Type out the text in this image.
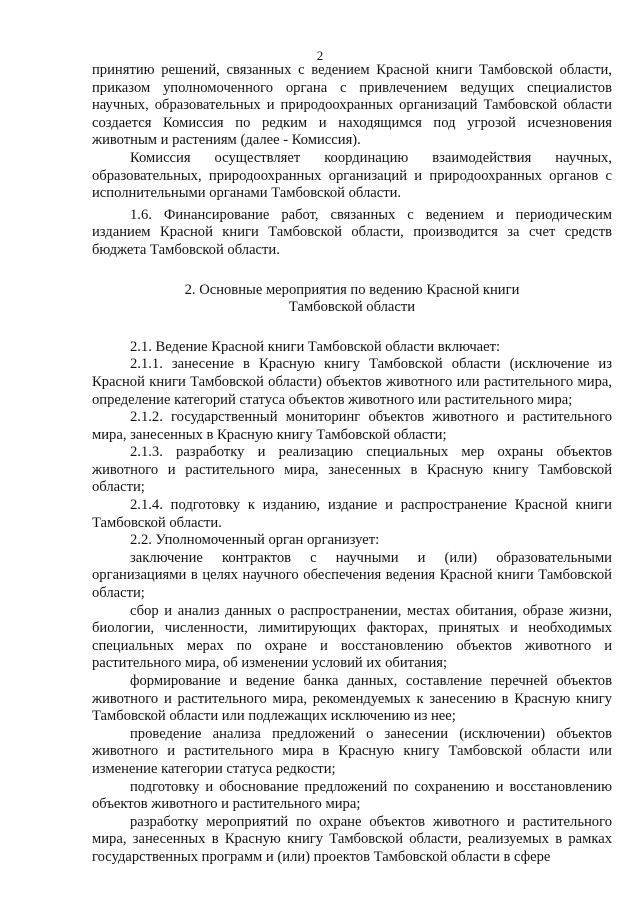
2

принятию решений, связанных с ведением Красной книги Тамбовской области, приказом уполномоченного органа с привлечением ведущих специалистов научных, образовательных и природоохранных организаций Тамбовской области создается Комиссия по редким и находящимся под угрозой исчезновения животным и растениям (далее - Комиссия).

Комиссия осуществляет координацию взаимодействия научных, образовательных, природоохранных организаций и природоохранных органов с исполнительными органами Тамбовской области.

1.6. Финансирование работ, связанных с ведением и периодическим изданием Красной книги Тамбовской области, производится за счет средств бюджета Тамбовской области.

2. Основные мероприятия по ведению Красной книги

Тамбовской области

2.1. Ведение Красной книги Тамбовской области включает:

2.1.1. занесение в Красную книгу Тамбовской области (исключение из Красной книги Тамбовской области) объектов животного или растительного мира, определение категорий статуса объектов животного или растительного мира;

2.1.2. государственный мониторинг объектов животного и растительного мира, занесенных в Красную книгу Тамбовской области;

2.1.3. разработку и реализацию специальных мер охраны объектов животного и растительного мира, занесенных в Красную книгу Тамбовской области;

2.1.4. подготовку к изданию, издание и распространение Красной книги Тамбовской области.

2.2. Уполномоченный орган организует:

заключение контрактов с научными и (или) образовательными организациями в целях научного обеспечения ведения Красной книги Тамбовской области;

сбор и анализ данных о распространении, местах обитания, образе жизни, биологии, численности, лимитирующих факторах, принятых и необходимых специальных мерах по охране и восстановлению объектов животного и растительного мира, об изменении условий их обитания;

формирование и ведение банка данных, составление перечней объектов животного и растительного мира, рекомендуемых к занесению в Красную книгу Тамбовской области или подлежащих исключению из нее;

проведение анализа предложений о занесении (исключении) объектов животного и растительного мира в Красную книгу Тамбовской области или изменение категории статуса редкости;

подготовку и обоснование предложений по сохранению и восстановлению объектов животного и растительного мира;

разработку мероприятий по охране объектов животного и растительного мира, занесенных в Красную книгу Тамбовской области, реализуемых в рамках государственных программ и (или) проектов Тамбовской области в сфере
